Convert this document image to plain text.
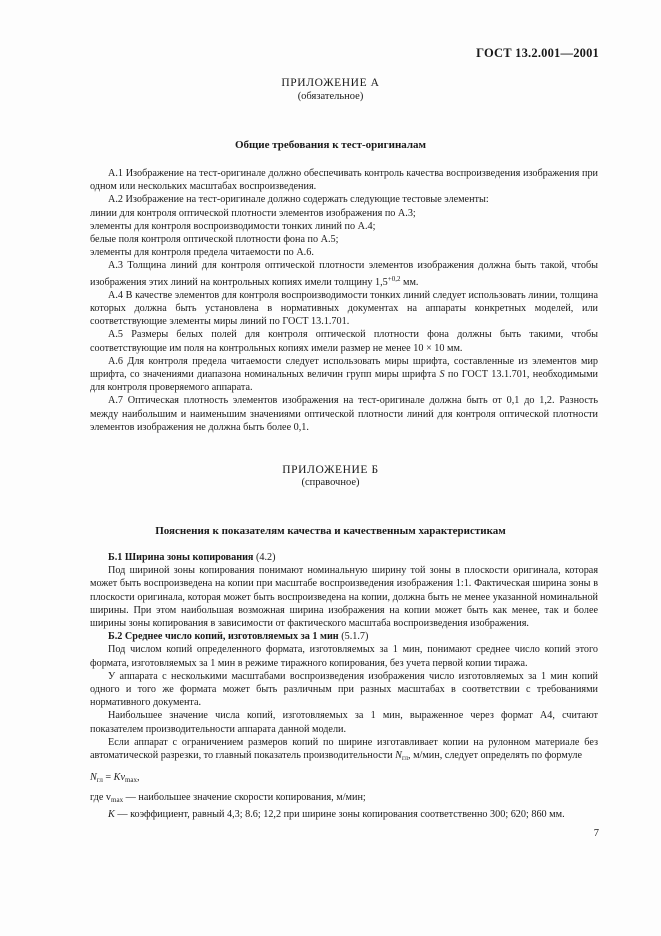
ГОСТ 13.2.001—2001
ПРИЛОЖЕНИЕ А
(обязательное)
Общие требования к тест-оригиналам

А.1 Изображение на тест-оригинале должно обеспечивать контроль качества воспроизведения изображения при одном или нескольких масштабах воспроизведения.

А.2 Изображение на тест-оригинале должно содержать следующие тестовые элементы:

линии для контроля оптической плотности элементов изображения по А.3;

элементы для контроля воспроизводимости тонких линий по А.4;

белые поля контроля оптической плотности фона по А.5;

элементы для контроля предела читаемости по А.6.

А.3 Толщина линий для контроля оптической плотности элементов изображения должна быть такой, чтобы изображения этих линий на контрольных копиях имели толщину $1,5^{+0,2}$ мм.

А.4 В качестве элементов для контроля воспроизводимости тонких линий следует использовать линии, толщина которых должна быть установлена в нормативных документах на аппараты конкретных моделей, или соответствующие элементы миры линий по ГОСТ 13.1.701.

А.5 Размеры белых полей для контроля оптической плотности фона должны быть такими, чтобы соответствующие им поля на контрольных копиях имели размер не менее 10 × 10 мм.

А.6 Для контроля предела читаемости следует использовать миры шрифта, составленные из элементов мир шрифта, со значениями диапазона номинальных величин групп миры шрифта S по ГОСТ 13.1.701, необходимыми для контроля проверяемого аппарата.

А.7 Оптическая плотность элементов изображения на тест-оригинале должна быть от 0,1 до 1,2. Разность между наибольшим и наименьшим значениями оптической плотности линий для контроля оптической плотности элементов изображения не должна быть более 0,1.

ПРИЛОЖЕНИЕ Б
(справочное)
Пояснения к показателям качества и качественным характеристикам

Б.1 Ширина зоны копирования (4.2)

Под шириной зоны копирования понимают номинальную ширину той зоны в плоскости оригинала, которая может быть воспроизведена на копии при масштабе воспроизведения изображения 1:1. Фактическая ширина зоны в плоскости оригинала, которая может быть воспроизведена на копии, должна быть не менее указанной номинальной ширины. При этом наибольшая возможная ширина изображения на копии может быть как менее, так и более ширины зоны копирования в зависимости от фактического масштаба воспроизведения изображения.

Б.2 Среднее число копий, изготовляемых за 1 мин (5.1.7)

Под числом копий определенного формата, изготовляемых за 1 мин, понимают среднее число копий этого формата, изготовляемых за 1 мин в режиме тиражного копирования, без учета первой копии тиража.

У аппарата с несколькими масштабами воспроизведения изображения число изготовляемых за 1 мин копий одного и того же формата может быть различным при разных масштабах в соответствии с требованиями нормативного документа.

Наибольшее значение числа копий, изготовляемых за 1 мин, выраженное через формат А4, считают показателем производительности аппарата данной модели.

Если аппарат с ограничением размеров копий по ширине изготавливает копии на рулонном материале без автоматической разрезки, то главный показатель производительности $N_{гл}$, м/мин, следует определять по формуле

$N_{гл} = Kv_{max}$,

где $v_{max}$ — наибольшее значение скорости копирования, м/мин;

K — коэффициент, равный 4,3; 8.6; 12,2 при ширине зоны копирования соответственно 300; 620; 860 мм.

7
